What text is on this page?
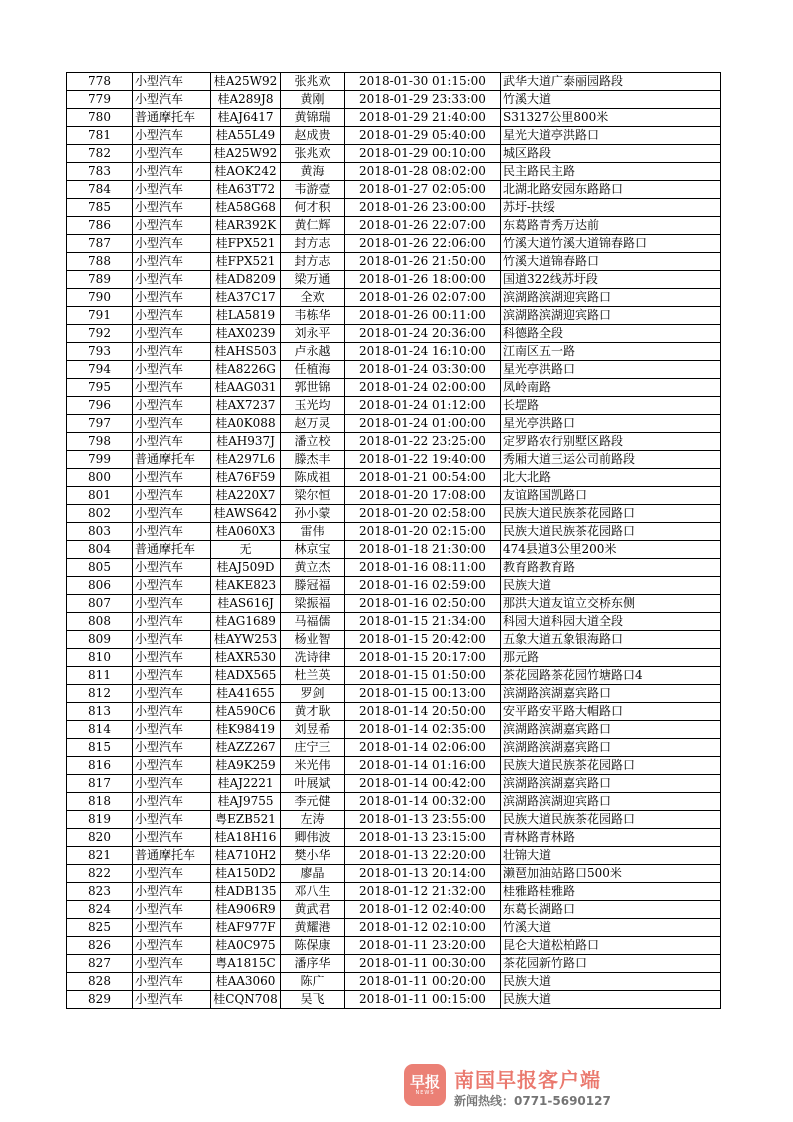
778	小型汽车	桂A25W92	张兆欢	2018-01-30 01:15:00	武华大道广泰丽园路段
779	小型汽车	桂A289J8	黄刚	2018-01-29 23:33:00	竹溪大道
780	普通摩托车	桂AJ6417	黄锦瑞	2018-01-29 21:40:00	S31327公里800米
781	小型汽车	桂A55L49	赵成贵	2018-01-29 05:40:00	星光大道亭洪路口
782	小型汽车	桂A25W92	张兆欢	2018-01-29 00:10:00	城区路段
783	小型汽车	桂AOK242	黄海	2018-01-28 08:02:00	民主路民主路
784	小型汽车	桂A63T72	韦游壹	2018-01-27 02:05:00	北湖北路安园东路路口
785	小型汽车	桂A58G68	何才积	2018-01-26 23:00:00	苏圩-扶绥
786	小型汽车	桂AR392K	黄仁辉	2018-01-26 22:07:00	东葛路青秀万达前
787	小型汽车	桂FPX521	封方志	2018-01-26 22:06:00	竹溪大道竹溪大道锦春路口
788	小型汽车	桂FPX521	封方志	2018-01-26 21:50:00	竹溪大道锦春路口
789	小型汽车	桂AD8209	梁万通	2018-01-26 18:00:00	国道322线苏圩段
790	小型汽车	桂A37C17	全欢	2018-01-26 02:07:00	滨湖路滨湖迎宾路口
791	小型汽车	桂LA5819	韦栋华	2018-01-26 00:11:00	滨湖路滨湖迎宾路口
792	小型汽车	桂AX0239	刘永平	2018-01-24 20:36:00	科德路全段
793	小型汽车	桂AHS503	卢永越	2018-01-24 16:10:00	江南区五一路
794	小型汽车	桂A8226G	任植海	2018-01-24 03:30:00	星光亭洪路口
795	小型汽车	桂AAG031	郭世锦	2018-01-24 02:00:00	凤岭南路
796	小型汽车	桂AX7237	玉光均	2018-01-24 01:12:00	长堽路
797	小型汽车	桂A0K088	赵万灵	2018-01-24 01:00:00	星光亭洪路口
798	小型汽车	桂AH937J	潘立校	2018-01-22 23:25:00	定罗路农行别墅区路段
799	普通摩托车	桂A297L6	滕杰丰	2018-01-22 19:40:00	秀厢大道三运公司前路段
800	小型汽车	桂A76F59	陈成祖	2018-01-21 00:54:00	北大北路
801	小型汽车	桂A220X7	梁尔恒	2018-01-20 17:08:00	友谊路国凯路口
802	小型汽车	桂AWS642	孙小蒙	2018-01-20 02:58:00	民族大道民族茶花园路口
803	小型汽车	桂A060X3	雷伟	2018-01-20 02:15:00	民族大道民族茶花园路口
804	普通摩托车	无	林京宝	2018-01-18 21:30:00	474县道3公里200米
805	小型汽车	桂AJ509D	黄立杰	2018-01-16 08:11:00	教育路教育路
806	小型汽车	桂AKE823	滕冠福	2018-01-16 02:59:00	民族大道
807	小型汽车	桂AS616J	梁振福	2018-01-16 02:50:00	那洪大道友谊立交桥东侧
808	小型汽车	桂AG1689	马福儒	2018-01-15 21:34:00	科园大道科园大道全段
809	小型汽车	桂AYW253	杨业智	2018-01-15 20:42:00	五象大道五象银海路口
810	小型汽车	桂AXR530	冼诗律	2018-01-15 20:17:00	那元路
811	小型汽车	桂ADX565	杜兰英	2018-01-15 01:50:00	茶花园路茶花园竹塘路口4
812	小型汽车	桂A41655	罗剑	2018-01-15 00:13:00	滨湖路滨湖嘉宾路口
813	小型汽车	桂A590C6	黄才耿	2018-01-14 20:50:00	安平路安平路大帽路口
814	小型汽车	桂K98419	刘昱希	2018-01-14 02:35:00	滨湖路滨湖嘉宾路口
815	小型汽车	桂AZZ267	庄宁三	2018-01-14 02:06:00	滨湖路滨湖嘉宾路口
816	小型汽车	桂A9K259	米光伟	2018-01-14 01:16:00	民族大道民族茶花园路口
817	小型汽车	桂AJ2221	叶展斌	2018-01-14 00:42:00	滨湖路滨湖嘉宾路口
818	小型汽车	桂AJ9755	李元健	2018-01-14 00:32:00	滨湖路滨湖迎宾路口
819	小型汽车	粤EZB521	左涛	2018-01-13 23:55:00	民族大道民族茶花园路口
820	小型汽车	桂A18H16	卿伟波	2018-01-13 23:15:00	青林路青林路
821	普通摩托车	桂A710H2	樊小华	2018-01-13 22:20:00	壮锦大道
822	小型汽车	桂A150D2	廖晶	2018-01-13 20:14:00	濑琶加油站路口500米
823	小型汽车	桂ADB135	邓八生	2018-01-12 21:32:00	桂雅路桂雅路
824	小型汽车	桂A906R9	黄武君	2018-01-12 02:40:00	东葛长湖路口
825	小型汽车	桂AF977F	黄耀港	2018-01-12 02:10:00	竹溪大道
826	小型汽车	桂A0C975	陈保康	2018-01-11 23:20:00	昆仑大道松柏路口
827	小型汽车	粤A1815C	潘序华	2018-01-11 00:30:00	茶花园新竹路口
828	小型汽车	桂AA3060	陈广	2018-01-11 00:20:00	民族大道
829	小型汽车	桂CQN708	吴飞	2018-01-11 00:15:00	民族大道
早报
NEWS
南国早报客户端
新闻热线：0771-5690127
